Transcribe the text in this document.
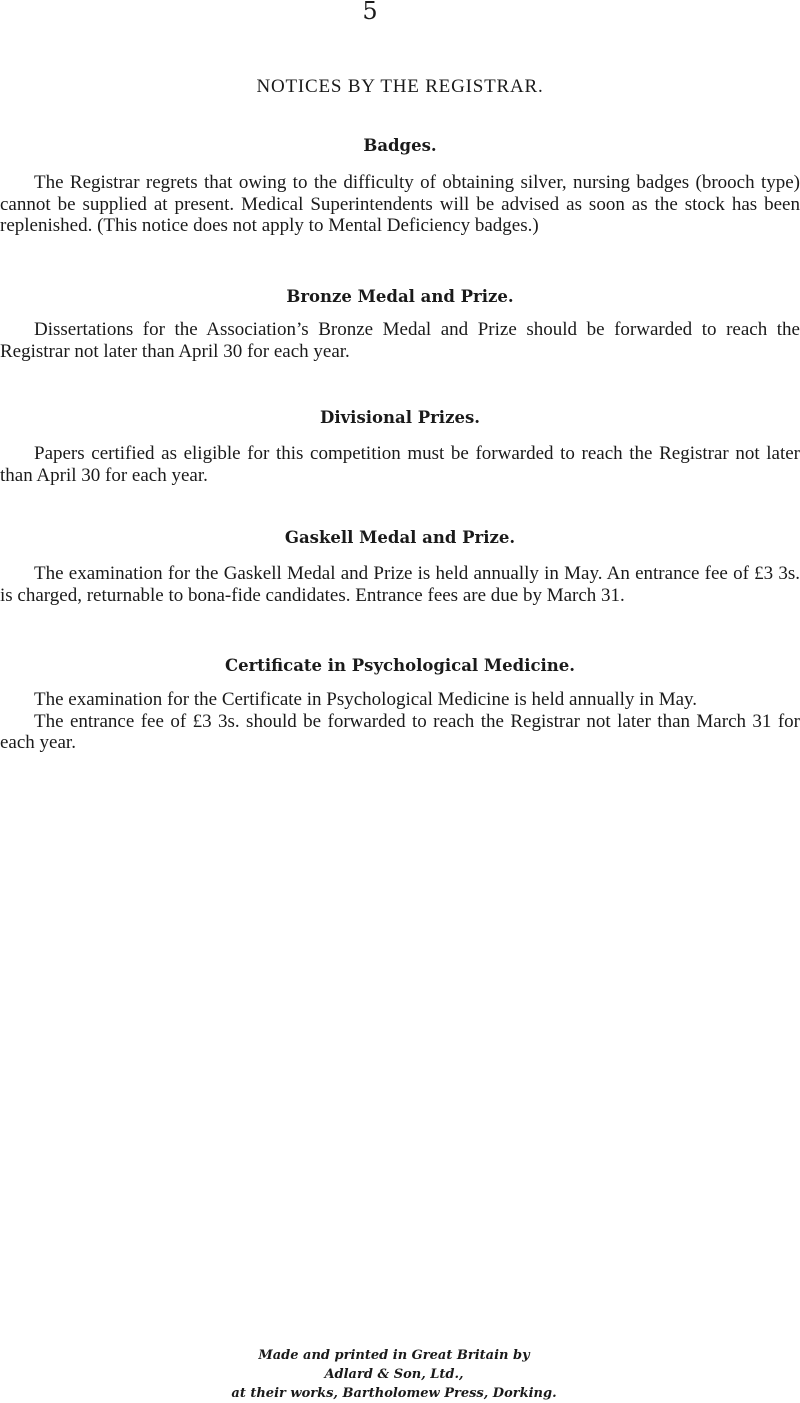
5
NOTICES BY THE REGISTRAR.
Badges.

The Registrar regrets that owing to the difficulty of obtaining silver, nursing badges (brooch type) cannot be supplied at present. Medical Superintendents will be advised as soon as the stock has been replenished. (This notice does not apply to Mental Deficiency badges.)

Bronze Medal and Prize.

Dissertations for the Association’s Bronze Medal and Prize should be forwarded to reach the Registrar not later than April 30 for each year.

Divisional Prizes.

Papers certified as eligible for this competition must be forwarded to reach the Registrar not later than April 30 for each year.

Gaskell Medal and Prize.

The examination for the Gaskell Medal and Prize is held annually in May. An entrance fee of £3 3s. is charged, returnable to bona-fide candidates. Entrance fees are due by March 31.

Certificate in Psychological Medicine.

The examination for the Certificate in Psychological Medicine is held annually in May.

The entrance fee of £3 3s. should be forwarded to reach the Registrar not later than March 31 for each year.

Made and printed in Great Britain by
Adlard & Son, Ltd.,
at their works, Bartholomew Press, Dorking.
